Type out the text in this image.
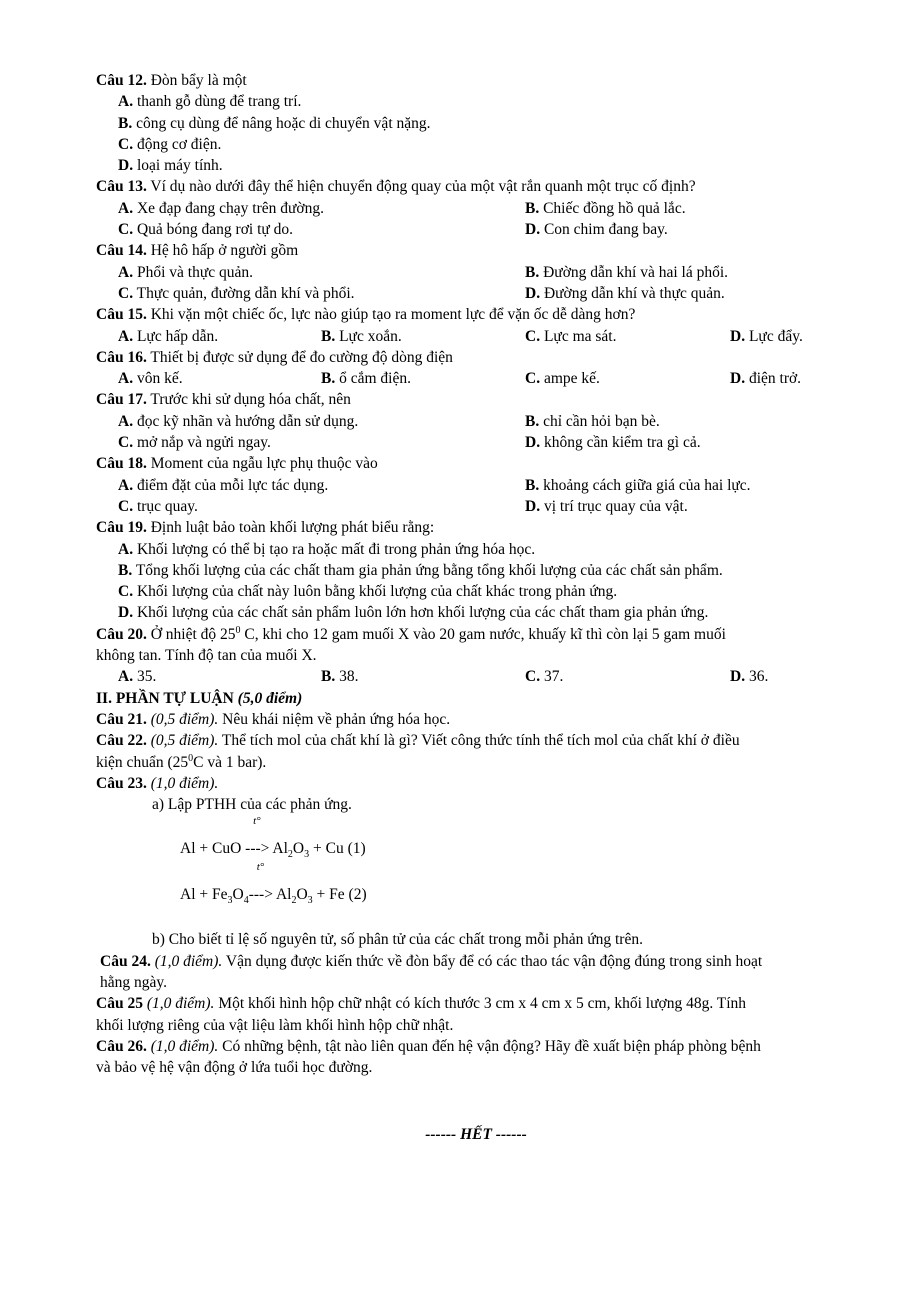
Câu 12. Đòn bẩy là một
A. thanh gỗ dùng để trang trí.
B. công cụ dùng để nâng hoặc di chuyển vật nặng.
C. động cơ điện.
D. loại máy tính.
Câu 13. Ví dụ nào dưới đây thể hiện chuyển động quay của một vật rắn quanh một trục cố định?
A. Xe đạp đang chạy trên đường.	B. Chiếc đồng hồ quả lắc.
C. Quả bóng đang rơi tự do.	D. Con chim đang bay.
Câu 14. Hệ hô hấp ở người gồm
A. Phổi và thực quản.	B. Đường dẫn khí và hai lá phổi.
C. Thực quản, đường dẫn khí và phổi.	D. Đường dẫn khí và thực quản.
Câu 15. Khi vặn một chiếc ốc, lực nào giúp tạo ra moment lực để vặn ốc dễ dàng hơn?
A. Lực hấp dẫn.	B. Lực xoắn.	C. Lực ma sát.	D. Lực đẩy.
Câu 16. Thiết bị được sử dụng để đo cường độ dòng điện
A. vôn kế.	B. ổ cắm điện.	C. ampe kế.	D. điện trở.
Câu 17. Trước khi sử dụng hóa chất, nên
A. đọc kỹ nhãn và hướng dẫn sử dụng.	B. chỉ cần hỏi bạn bè.
C. mở nắp và ngửi ngay.	D. không cần kiểm tra gì cả.
Câu 18. Moment của ngẫu lực phụ thuộc vào
A. điểm đặt của mỗi lực tác dụng.	B. khoảng cách giữa giá của hai lực.
C. trục quay.	D. vị trí trục quay của vật.
Câu 19. Định luật bảo toàn khối lượng phát biểu rằng:
A. Khối lượng có thể bị tạo ra hoặc mất đi trong phản ứng hóa học.
B. Tổng khối lượng của các chất tham gia phản ứng bằng tổng khối lượng của các chất sản phẩm.
C. Khối lượng của chất này luôn bằng khối lượng của chất khác trong phản ứng.
D. Khối lượng của các chất sản phẩm luôn lớn hơn khối lượng của các chất tham gia phản ứng.
Câu 20. Ở nhiệt độ $25^0$ C, khi cho 12 gam muối X vào 20 gam nước, khuấy kĩ thì còn lại 5 gam muối
không tan. Tính độ tan của muối X.
A. 35.	B. 38.	C. 37.	D. 36.
II. PHẦN TỰ LUẬN (5,0 điểm)
Câu 21. (0,5 điểm). Nêu khái niệm về phản ứng hóa học.
Câu 22. (0,5 điểm). Thể tích mol của chất khí là gì? Viết công thức tính thể tích mol của chất khí ở điều
kiện chuẩn ($25^0C$ và 1 bar).
Câu 23. (1,0 điểm).
a) Lập PTHH của các phản ứng.
Al + CuO
t°
---> $Al_2O_3 + Cu$ (1)
$Al + Fe_3O_4$
t°
---> $Al_2O_3 + Fe$ (2)
b) Cho biết tỉ lệ số nguyên tử, số phân tử của các chất trong mỗi phản ứng trên.
Câu 24. (1,0 điểm). Vận dụng được kiến thức về đòn bẩy để có các thao tác vận động đúng trong sinh hoạt
hằng ngày.
Câu 25 (1,0 điểm). Một khối hình hộp chữ nhật có kích thước 3 cm x 4 cm x 5 cm, khối lượng 48g. Tính
khối lượng riêng của vật liệu làm khối hình hộp chữ nhật.
Câu 26. (1,0 điểm). Có những bệnh, tật nào liên quan đến hệ vận động? Hãy đề xuất biện pháp phòng bệnh
và bảo vệ hệ vận động ở lứa tuổi học đường.
------ HẾT ------
